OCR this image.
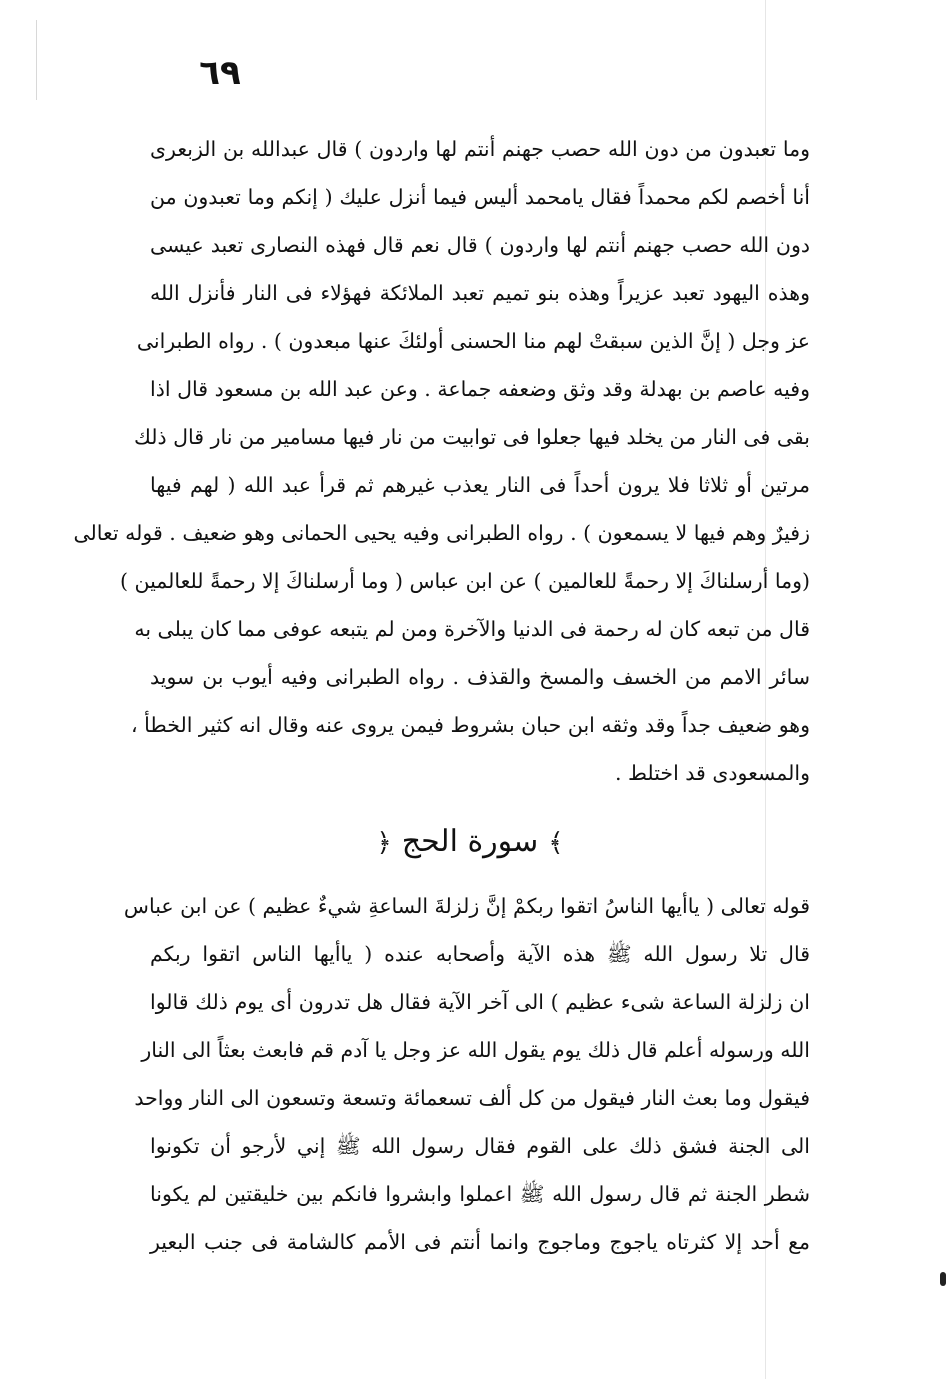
٦٩
وما تعبدون من دون الله حصب جهنم أنتم لها واردون ) قال عبدالله بن الزبعرى
أنا أخصم لكم محمداً فقال يامحمد أليس فيما أنزل عليك ( إنكم وما تعبدون من
دون الله حصب جهنم أنتم لها واردون ) قال نعم قال فهذه النصارى تعبد عيسى
وهذه اليهود تعبد عزيراً وهذه بنو تميم تعبد الملائكة فهؤلاء فى النار فأنزل الله
عز وجل ( إنَّ الذين سبقتْ لهم منا الحسنى أولئكَ عنها مبعدون ) . رواه الطبرانى
وفيه عاصم بن بهدلة وقد وثق وضعفه جماعة . وعن عبد الله بن مسعود قال اذا
بقى فى النار من يخلد فيها جعلوا فى توابيت من نار فيها مسامير من نار قال ذلك
مرتين أو ثلاثا فلا يرون أحداً فى النار يعذب غيرهم ثم قرأ عبد الله ( لهم فيها
زفيرٌ وهم فيها لا يسمعون ) . رواه الطبرانى وفيه يحيى الحمانى وهو ضعيف . قوله تعالى
(وما أرسلناكَ إلا رحمةً للعالمين ) عن ابن عباس ( وما أرسلناكَ إلا رحمةً للعالمين )
قال من تبعه كان له رحمة فى الدنيا والآخرة ومن لم يتبعه عوفى مما كان يبلى به
سائر الامم من الخسف والمسخ والقذف . رواه الطبرانى وفيه أيوب بن سويد
وهو ضعيف جداً وقد وثقه ابن حبان بشروط فيمن يروى عنه وقال انه كثير الخطأ ،
والمسعودى قد اختلط .
﴾سورة الحج﴿
قوله تعالى ( ياأيها الناسُ اتقوا ربكمْ إنَّ زلزلةَ الساعةِ شيءٌ عظيم ) عن ابن عباس
قال تلا رسول الله ﷺ هذه الآية وأصحابه عنده ( ياأيها الناس اتقوا ربكم
ان زلزلة الساعة شىء عظيم ) الى آخر الآية فقال هل تدرون أى يوم ذلك قالوا
الله ورسوله أعلم قال ذلك يوم يقول الله عز وجل يا آدم قم فابعث بعثاً الى النار
فيقول وما بعث النار فيقول من كل ألف تسعمائة وتسعة وتسعون الى النار وواحد
الى الجنة فشق ذلك على القوم فقال رسول الله ﷺ إني لأرجو أن تكونوا
شطر الجنة ثم قال رسول الله ﷺ اعملوا وابشروا فانكم بين خليقتين لم يكونا
مع أحد إلا كثرتاه ياجوج وماجوج وانما أنتم فى الأمم كالشامة فى جنب البعير
